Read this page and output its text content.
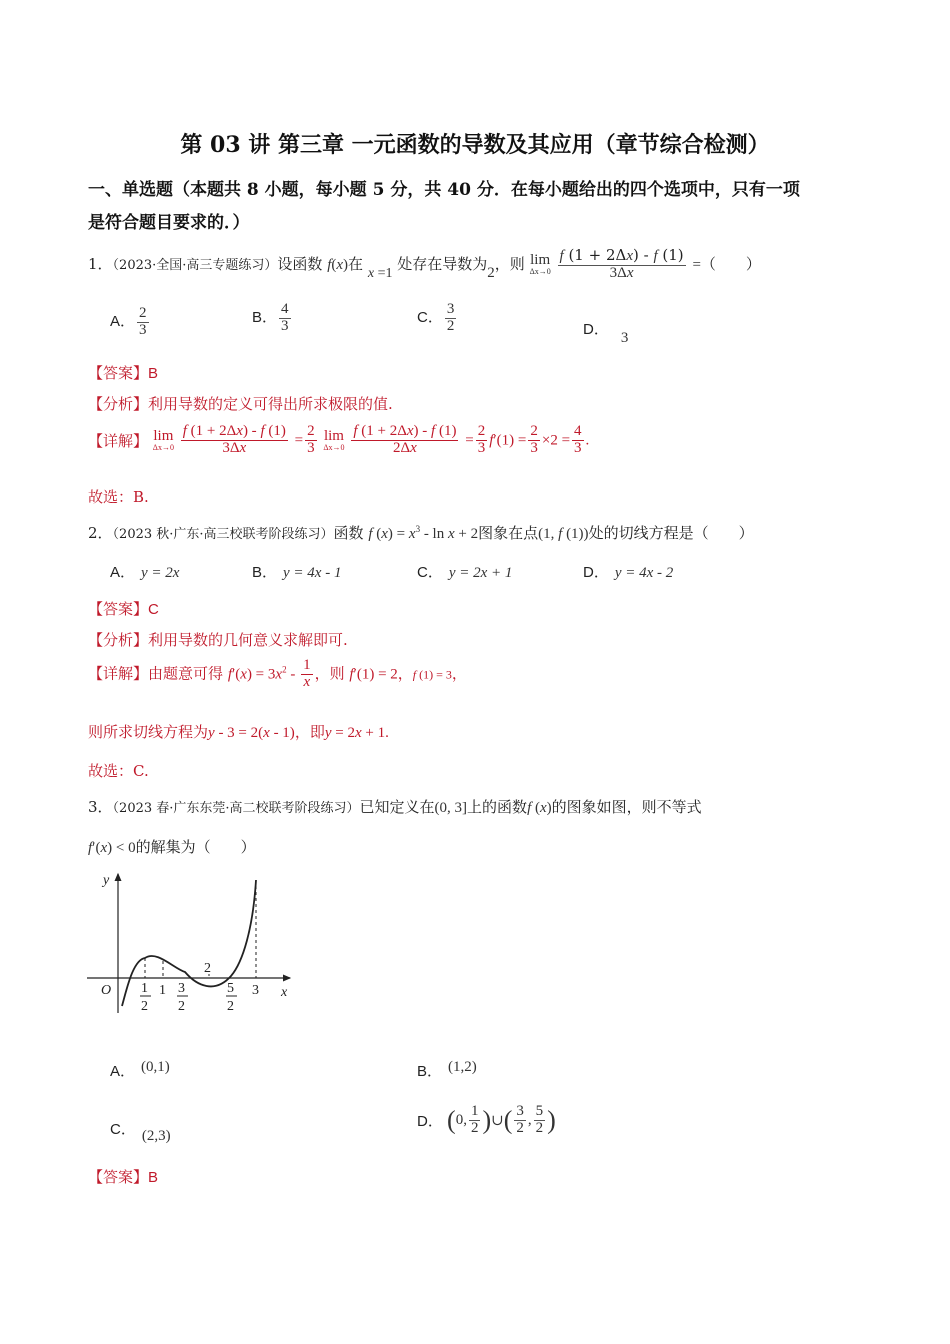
第 03 讲 第三章 一元函数的导数及其应用（章节综合检测）
一、单选题（本题共 8 小题，每小题 5 分，共 40 分．在每小题给出的四个选项中，只有一项
是符合题目要求的．）
1．（2023·全国·高三专题练习）设函数 f(x)在 x =1 处存在导数为2，则 lim
Δx→0
$\frac{f (1 + 2\Delta x) - f (1)}{3\Delta x}$ =（　　）
A． $\frac{2}{3}$	B． $\frac{4}{3}$	C． $\frac{3}{2}$	D． 3
【答案】B
【分析】利用导数的定义可得出所求极限的值.
【详解】 lim
Δx→0
$\frac{f (1 + 2\Delta x) - f (1)}{3\Delta x} = \frac{2}{3}$ lim
Δx→0
$\frac{f (1 + 2\Delta x) - f (1)}{2\Delta x} = \frac{2}{3} f'(1) = \frac{2}{3} \times 2 = \frac{4}{3}$ .
故选：B.
2．（2023 秋·广东·高三校联考阶段练习）函数 f $(x) = x^3 - \ln x + 2$图象在点(1, f (1))处的切线方程是（　　）
A． y = 2x	B． y = 4x - 1	C． y = 2x + 1	D． y = 4x - 2
【答案】C
【分析】利用导数的几何意义求解即可.
【详解】由题意可得 $f'(x) = 3x^2 - \frac{1}{x}$ ，则 f′(1) = 2，f (1) = 3，
则所求切线方程为y - 3 = 2(x - 1)，即y = 2x + 1.
故选：C.
3．（2023 春·广东东莞·高二校联考阶段练习）已知定义在(0, 3]上的函数f (x)的图象如图，则不等式
f′(x) < 0的解集为（　　）
y
x
O 1
2
1 3
2
2
5
2
3
A． (0,1)	B． (1,2)
C． (2,3)
D． (0, $\frac{1}{2}$ )∪( $\frac{3}{2}$ , $\frac{5}{2}$ )
【答案】B
